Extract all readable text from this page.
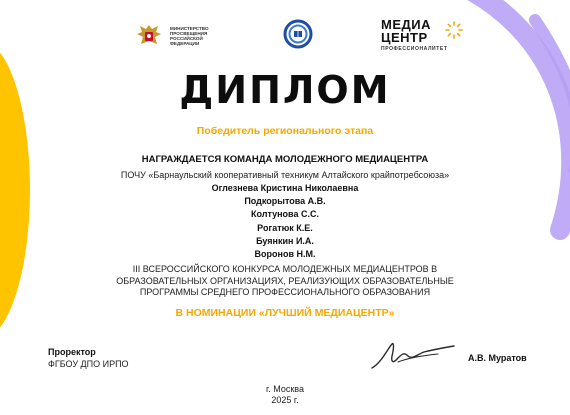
МИНИСТЕРСТВО ПРОСВЕЩЕНИЯ РОССИЙСКОЙ ФЕДЕРАЦИИ
МЕДИА
ЦЕНТР
ПРОФЕССИОНАЛИТЕТ
ДИПЛОМ
Победитель регионального этапа
НАГРАЖДАЕТСЯ КОМАНДА МОЛОДЕЖНОГО МЕДИАЦЕНТРА
ПОЧУ «Барнаульский кооперативный техникум Алтайского крайпотребсоюза»
Оглезнева Кристина Николаевна
Подкорытова А.В.
Колтунова С.С.
Рогатюк К.Е.
Буянкин И.А.
Воронов Н.М.
III ВСЕРОССИЙСКОГО КОНКУРСА МОЛОДЕЖНЫХ МЕДИАЦЕНТРОВ В ОБРАЗОВАТЕЛЬНЫХ ОРГАНИЗАЦИЯХ, РЕАЛИЗУЮЩИХ ОБРАЗОВАТЕЛЬНЫЕ ПРОГРАММЫ СРЕДНЕГО ПРОФЕССИОНАЛЬНОГО ОБРАЗОВАНИЯ
В НОМИНАЦИИ «ЛУЧШИЙ МЕДИАЦЕНТР»
Проректор
ФГБОУ ДПО ИРПО
А.В. Муратов
г. Москва
2025 г.
